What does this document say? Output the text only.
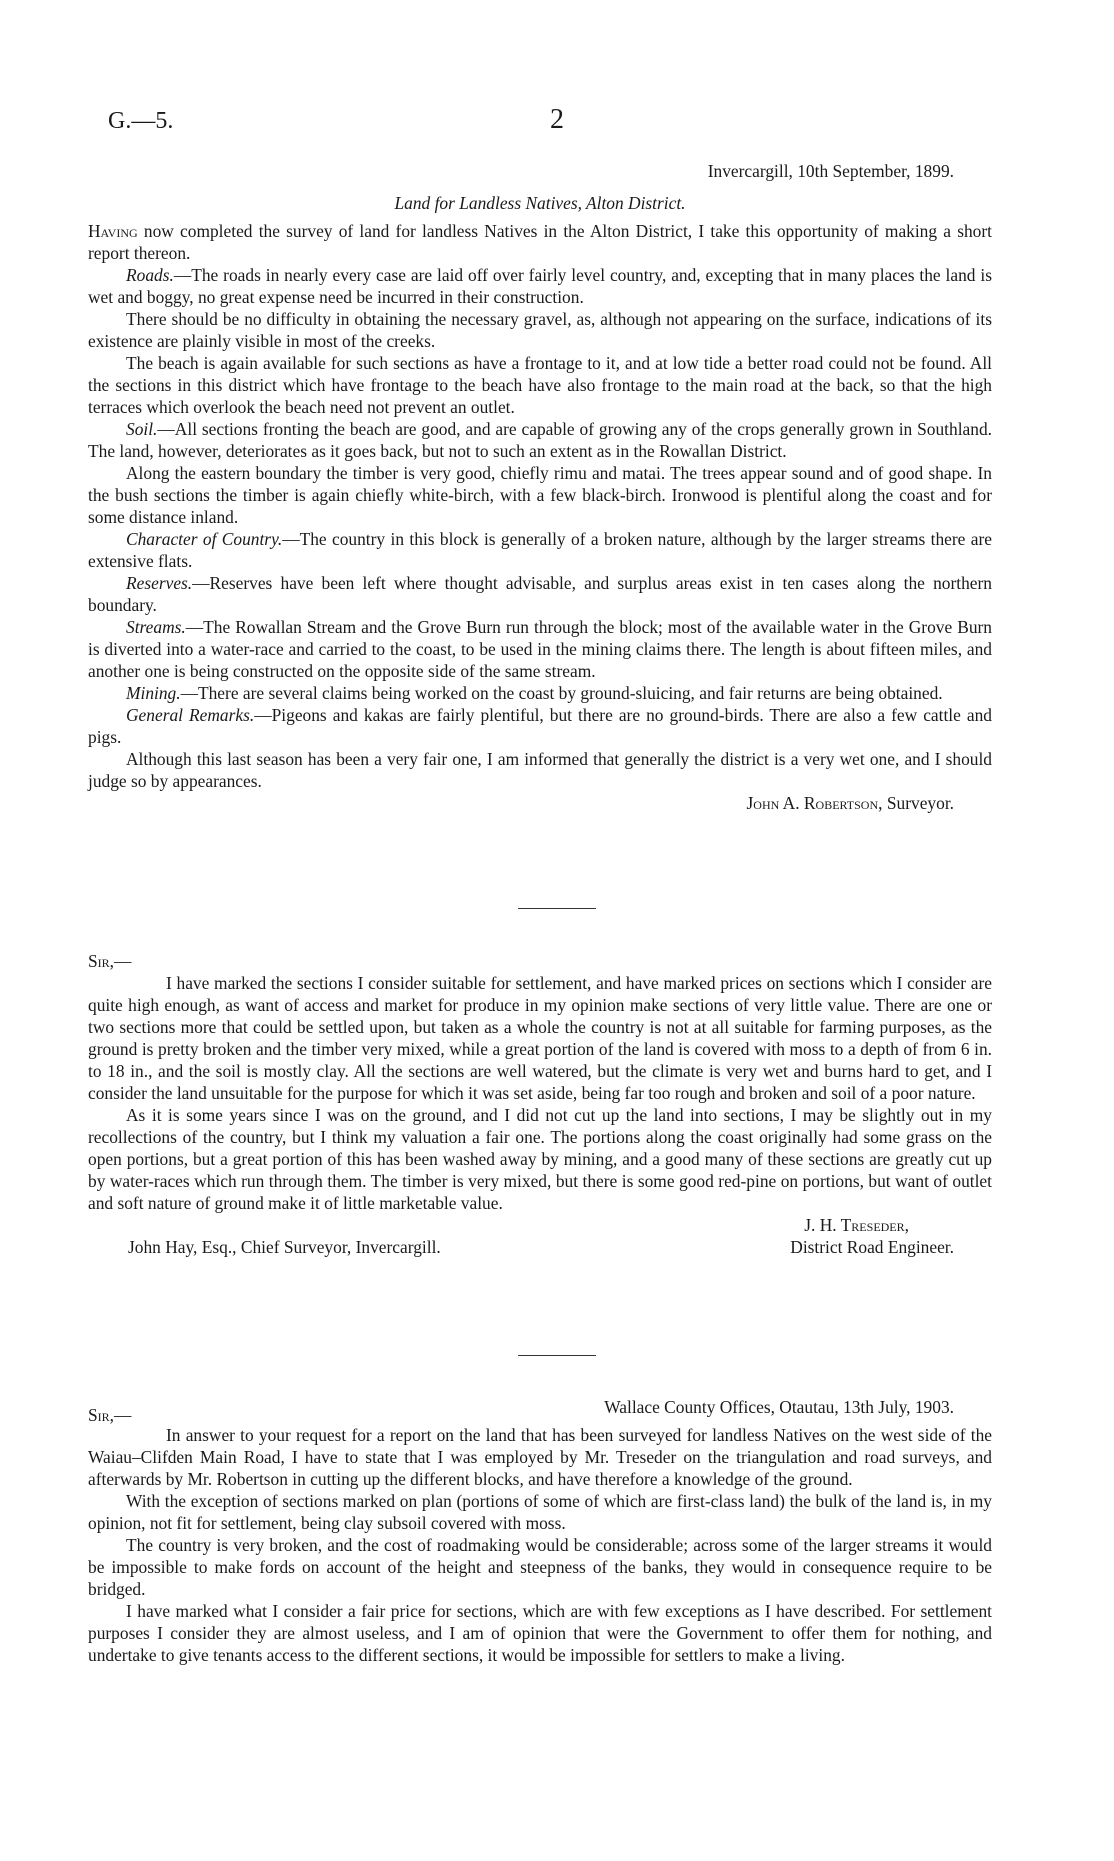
G.—5.	2

Invercargill, 10th September, 1899.

Land for Landless Natives, Alton District.

Having now completed the survey of land for landless Natives in the Alton District, I take this opportunity of making a short report thereon.

Roads.—The roads in nearly every case are laid off over fairly level country, and, excepting that in many places the land is wet and boggy, no great expense need be incurred in their construction.

There should be no difficulty in obtaining the necessary gravel, as, although not appearing on the surface, indications of its existence are plainly visible in most of the creeks.

The beach is again available for such sections as have a frontage to it, and at low tide a better road could not be found. All the sections in this district which have frontage to the beach have also frontage to the main road at the back, so that the high terraces which overlook the beach need not prevent an outlet.

Soil.—All sections fronting the beach are good, and are capable of growing any of the crops generally grown in Southland. The land, however, deteriorates as it goes back, but not to such an extent as in the Rowallan District.

Along the eastern boundary the timber is very good, chiefly rimu and matai. The trees appear sound and of good shape. In the bush sections the timber is again chiefly white-birch, with a few black-birch. Ironwood is plentiful along the coast and for some distance inland.

Character of Country.—The country in this block is generally of a broken nature, although by the larger streams there are extensive flats.

Reserves.—Reserves have been left where thought advisable, and surplus areas exist in ten cases along the northern boundary.

Streams.—The Rowallan Stream and the Grove Burn run through the block; most of the available water in the Grove Burn is diverted into a water-race and carried to the coast, to be used in the mining claims there. The length is about fifteen miles, and another one is being constructed on the opposite side of the same stream.

Mining.—There are several claims being worked on the coast by ground-sluicing, and fair returns are being obtained.

General Remarks.—Pigeons and kakas are fairly plentiful, but there are no ground-birds. There are also a few cattle and pigs.

Although this last season has been a very fair one, I am informed that generally the district is a very wet one, and I should judge so by appearances.

John A. Robertson, Surveyor.

Sir,—

I have marked the sections I consider suitable for settlement, and have marked prices on sections which I consider are quite high enough, as want of access and market for produce in my opinion make sections of very little value. There are one or two sections more that could be settled upon, but taken as a whole the country is not at all suitable for farming purposes, as the ground is pretty broken and the timber very mixed, while a great portion of the land is covered with moss to a depth of from 6 in. to 18 in., and the soil is mostly clay. All the sections are well watered, but the climate is very wet and burns hard to get, and I consider the land unsuitable for the purpose for which it was set aside, being far too rough and broken and soil of a poor nature.

As it is some years since I was on the ground, and I did not cut up the land into sections, I may be slightly out in my recollections of the country, but I think my valuation a fair one. The portions along the coast originally had some grass on the open portions, but a great portion of this has been washed away by mining, and a good many of these sections are greatly cut up by water-races which run through them. The timber is very mixed, but there is some good red-pine on portions, but want of outlet and soft nature of ground make it of little marketable value.

J. H. Treseder,

John Hay, Esq., Chief Surveyor, Invercargill.	District Road Engineer.
Sir,—	Wallace County Offices, Otautau, 13th July, 1903.

In answer to your request for a report on the land that has been surveyed for landless Natives on the west side of the Waiau–Clifden Main Road, I have to state that I was employed by Mr. Treseder on the triangulation and road surveys, and afterwards by Mr. Robertson in cutting up the different blocks, and have therefore a knowledge of the ground.

With the exception of sections marked on plan (portions of some of which are first-class land) the bulk of the land is, in my opinion, not fit for settlement, being clay subsoil covered with moss.

The country is very broken, and the cost of roadmaking would be considerable; across some of the larger streams it would be impossible to make fords on account of the height and steepness of the banks, they would in consequence require to be bridged.

I have marked what I consider a fair price for sections, which are with few exceptions as I have described. For settlement purposes I consider they are almost useless, and I am of opinion that were the Government to offer them for nothing, and undertake to give tenants access to the different sections, it would be impossible for settlers to make a living.
